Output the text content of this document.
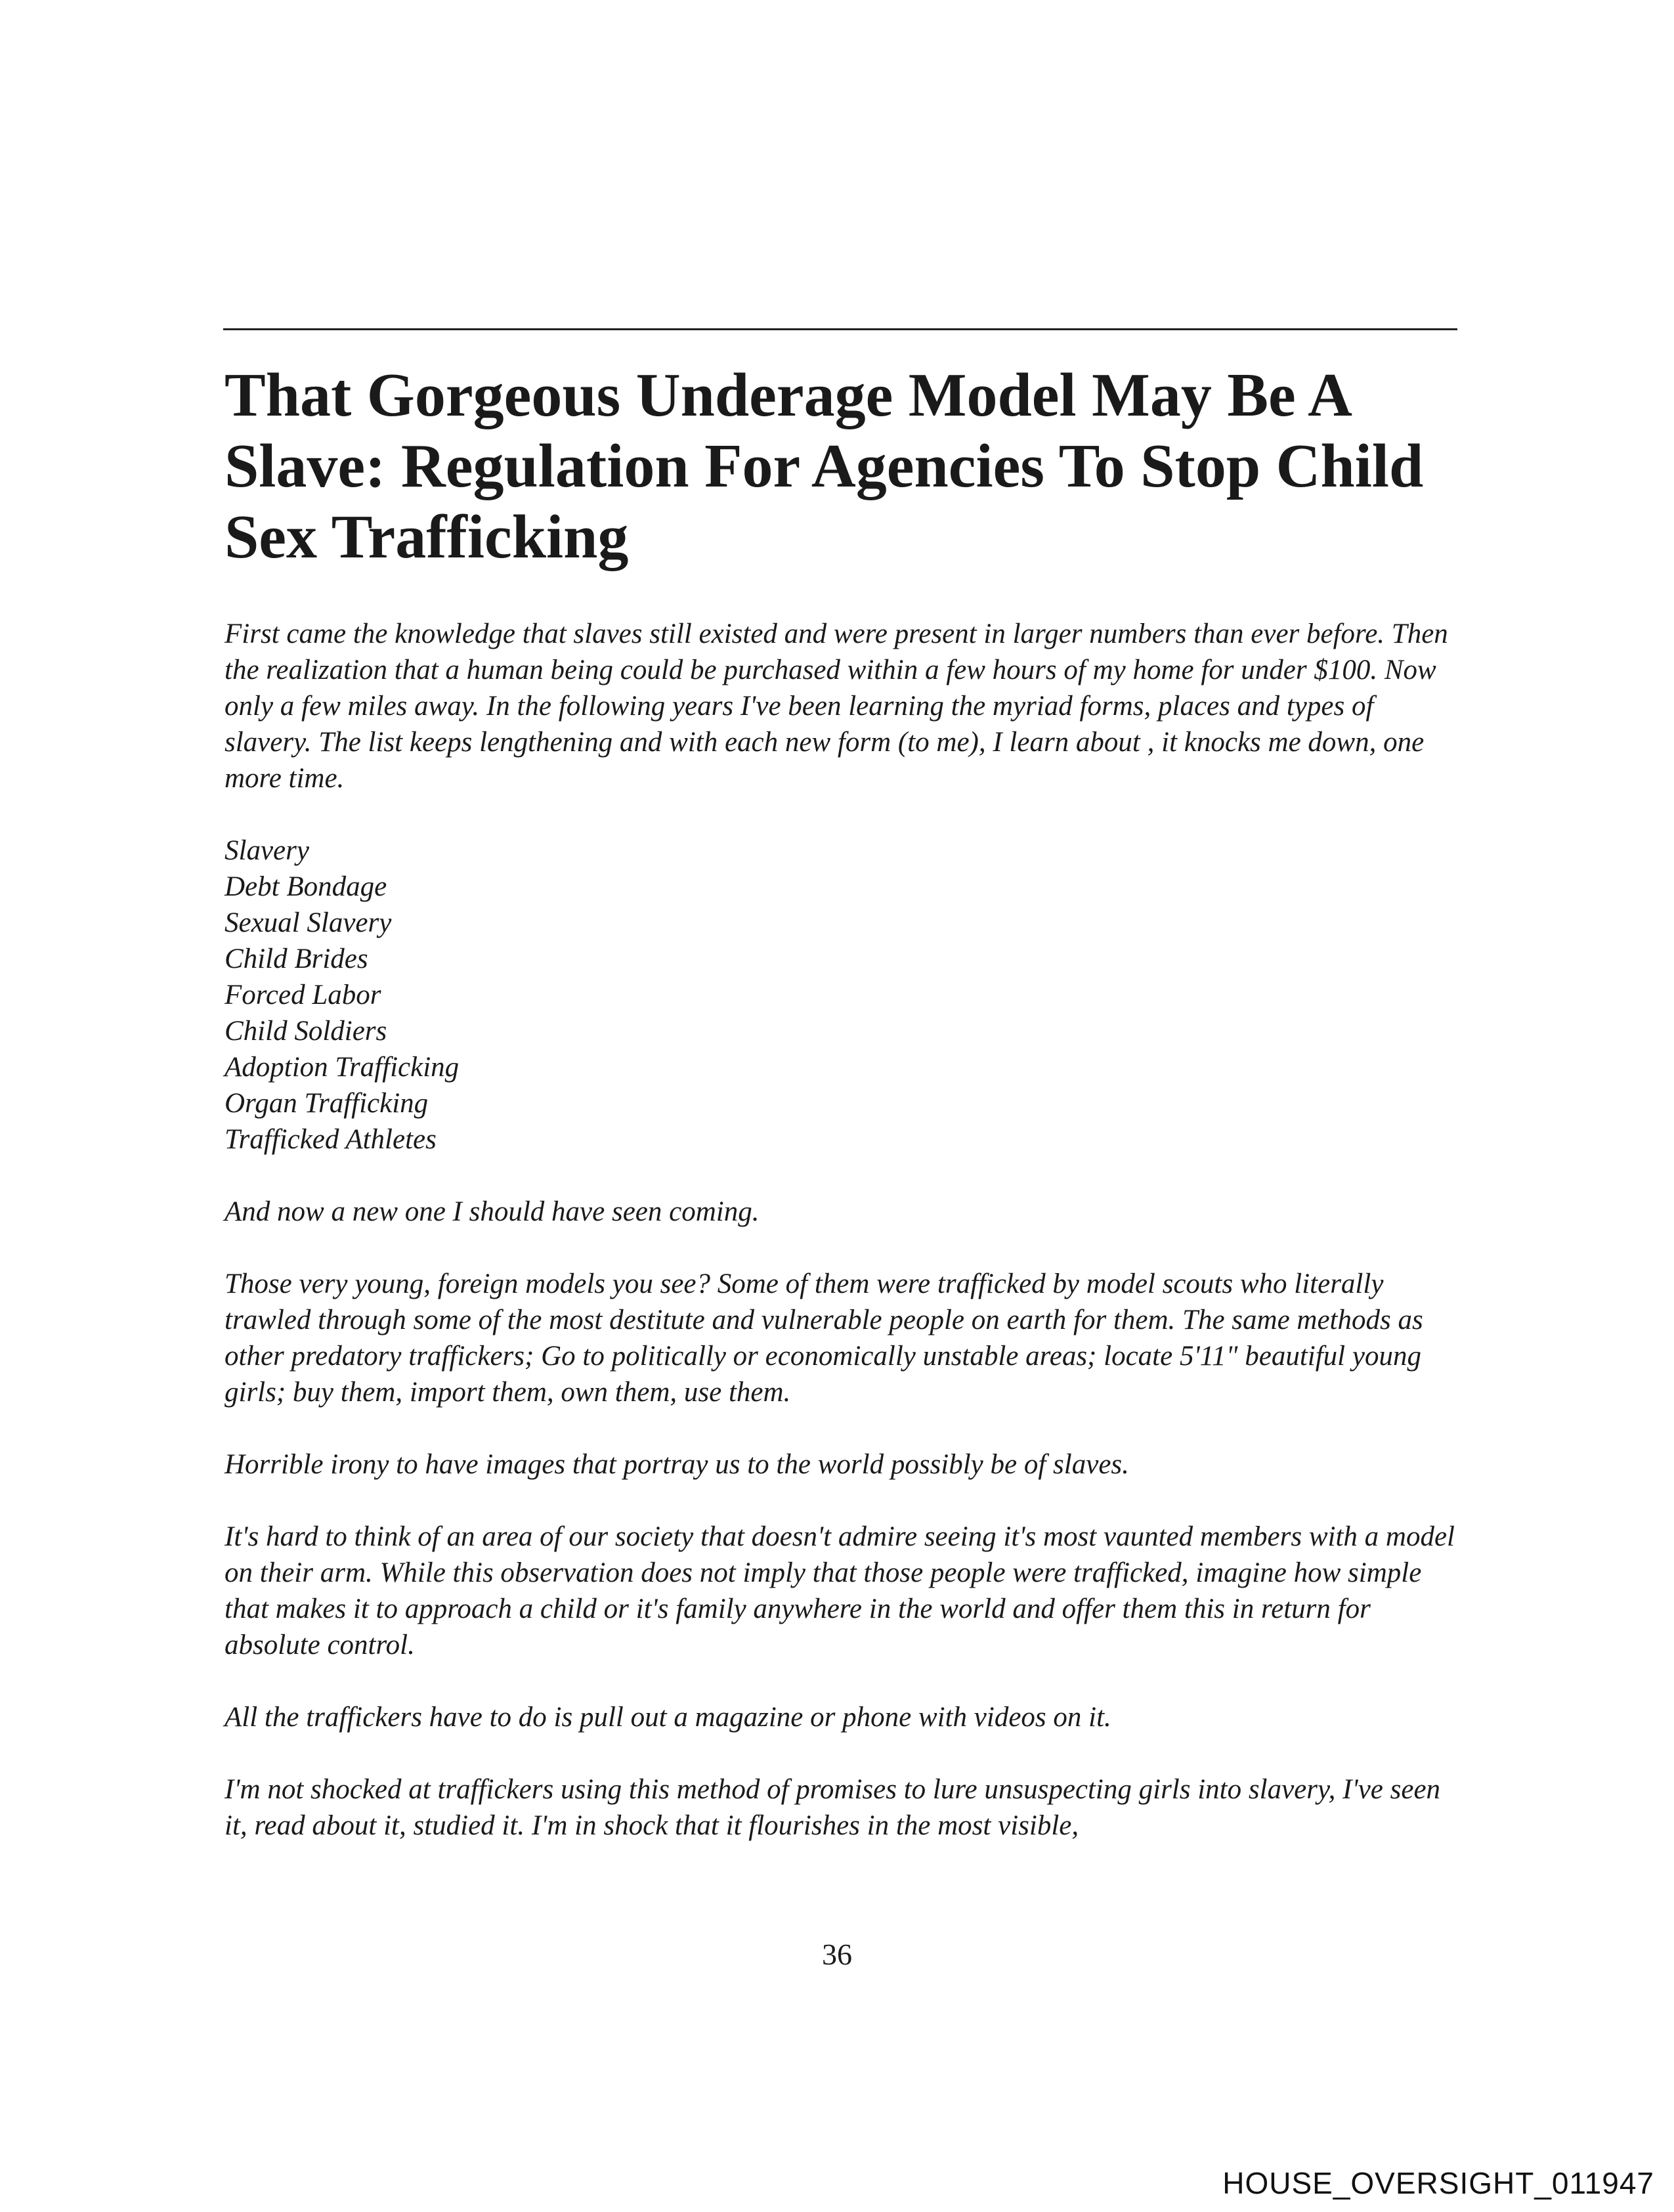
That Gorgeous Underage Model May Be A Slave: Regulation For Agencies To Stop Child Sex Trafficking

First came the knowledge that slaves still existed and were present in larger numbers than ever before. Then the realization that a human being could be purchased within a few hours of my home for under $100. Now only a few miles away. In the following years I've been learning the myriad forms, places and types of slavery. The list keeps lengthening and with each new form (to me), I learn about , it knocks me down, one more time.

Slavery
Debt Bondage
Sexual Slavery
Child Brides
Forced Labor
Child Soldiers
Adoption Trafficking
Organ Trafficking
Trafficked Athletes

And now a new one I should have seen coming.

Those very young, foreign models you see? Some of them were trafficked by model scouts who literally trawled through some of the most destitute and vulnerable people on earth for them. The same methods as other predatory traffickers; Go to politically or economically unstable areas; locate 5'11" beautiful young girls; buy them, import them, own them, use them.

Horrible irony to have images that portray us to the world possibly be of slaves.

It's hard to think of an area of our society that doesn't admire seeing it's most vaunted members with a model on their arm. While this observation does not imply that those people were trafficked, imagine how simple that makes it to approach a child or it's family anywhere in the world and offer them this in return for absolute control.

All the traffickers have to do is pull out a magazine or phone with videos on it.

I'm not shocked at traffickers using this method of promises to lure unsuspecting girls into slavery, I've seen it, read about it, studied it. I'm in shock that it flourishes in the most visible,

36
HOUSE_OVERSIGHT_011947
